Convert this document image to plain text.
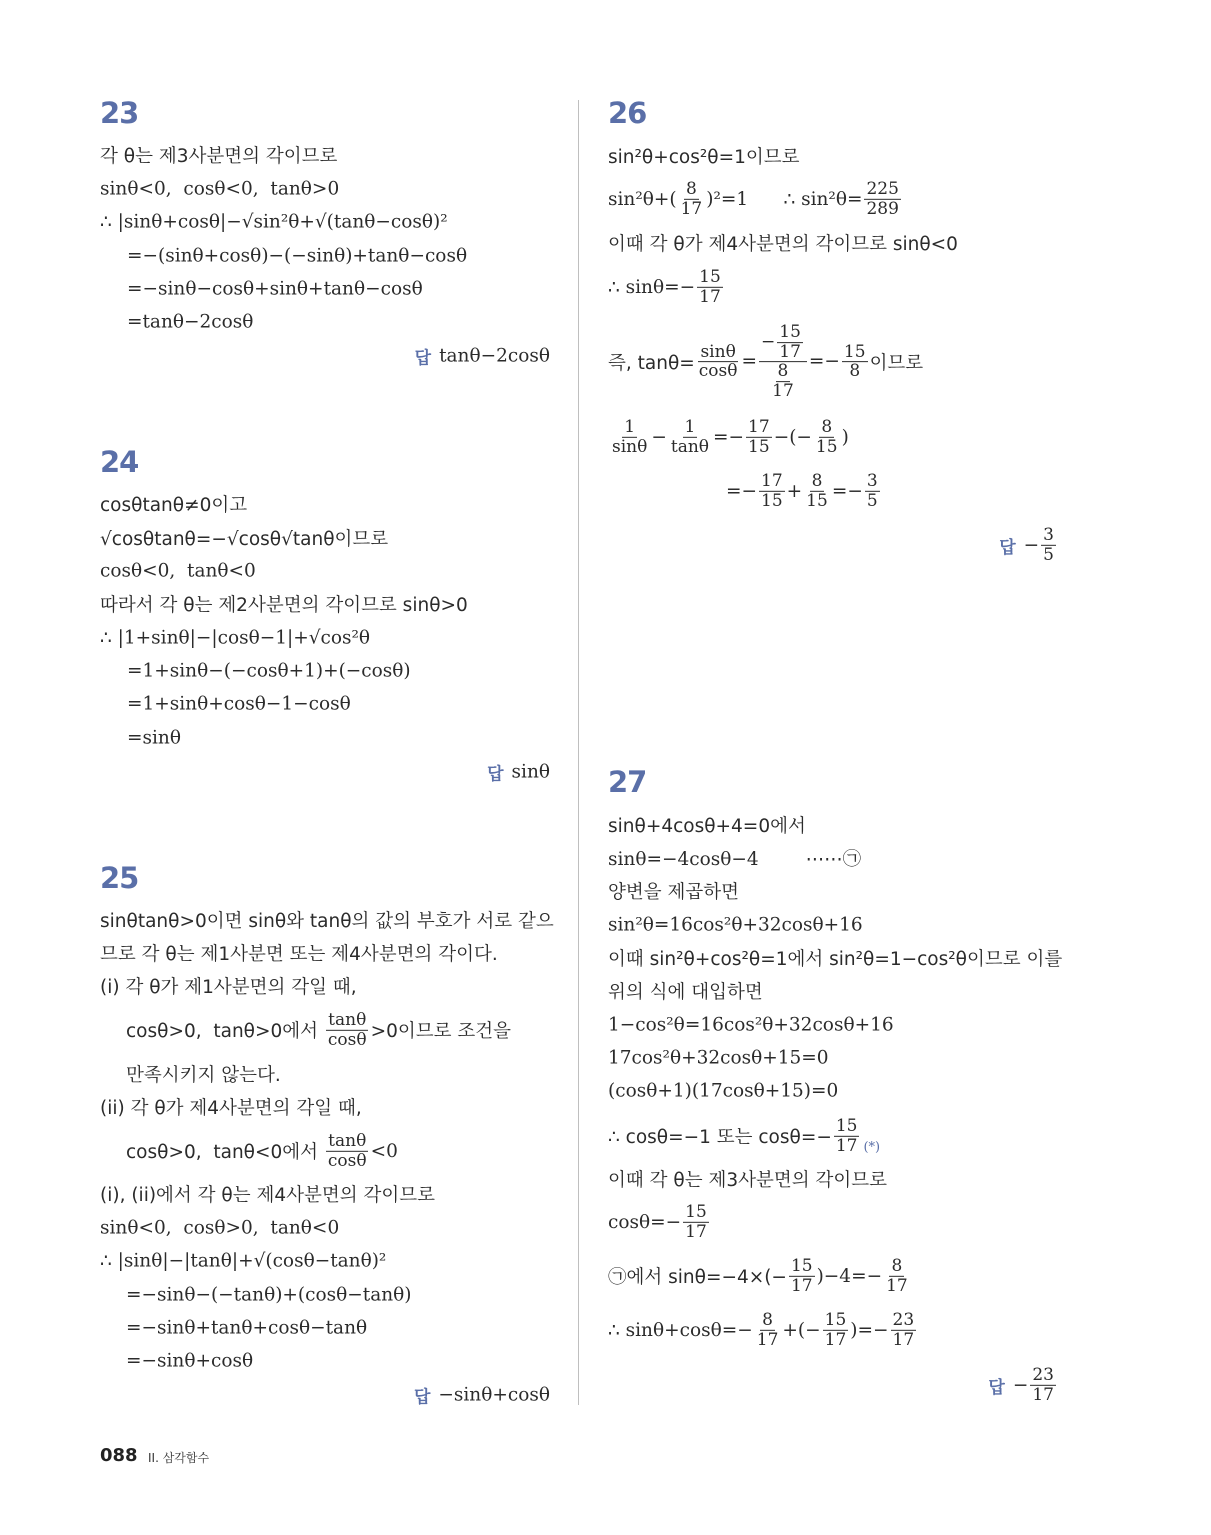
23
각 θ는 제3사분면의 각이므로
sinθ<0,  cosθ<0,  tanθ>0
∴ |sinθ+cosθ|−√sin²θ+√(tanθ−cosθ)²
=−(sinθ+cosθ)−(−sinθ)+tanθ−cosθ
=−sinθ−cosθ+sinθ+tanθ−cosθ
=tanθ−2cosθ
답 tanθ−2cosθ
24
cosθtanθ≠0이고
√cosθtanθ=−√cosθ√tanθ이므로
cosθ<0,  tanθ<0
따라서 각 θ는 제2사분면의 각이므로 sinθ>0
∴ |1+sinθ|−|cosθ−1|+√cos²θ
=1+sinθ−(−cosθ+1)+(−cosθ)
=1+sinθ+cosθ−1−cosθ
=sinθ
답 sinθ
25
sinθtanθ>0이면 sinθ와 tanθ의 값의 부호가 서로 같으
므로 각 θ는 제1사분면 또는 제4사분면의 각이다.
(i) 각 θ가 제1사분면의 각일 때,
cosθ>0,  tanθ>0에서 $\frac{\tan\theta}{\cos\theta} >0$이므로 조건을
만족시키지 않는다.
(ii) 각 θ가 제4사분면의 각일 때,
cosθ>0,  tanθ<0에서 $\frac{\tan\theta}{\cos\theta} <0$
(i), (ii)에서 각 θ는 제4사분면의 각이므로
sinθ<0,  cosθ>0,  tanθ<0
∴ |sinθ|−|tanθ|+√(cosθ−tanθ)²
=−sinθ−(−tanθ)+(cosθ−tanθ)
=−sinθ+tanθ+cosθ−tanθ
=−sinθ+cosθ
답 −sinθ+cosθ
26
sin²θ+cos²θ=1이므로
$\sin^2\theta+( \frac{8}{17} )^2=1$      ∴ $\sin^2\theta= \frac{225}{289}$
이때 각 θ가 제4사분면의 각이므로 sinθ<0
∴ $\sin\theta=- \frac{15}{17}$
즉, $\tan\theta= \frac{\sin\theta}{\cos\theta} = \frac{- \frac{15}{17}}{\frac{8}{17}} =- \frac{15}{8}$ 이므로
$\frac{1}{\sin\theta} - \frac{1}{\tan\theta} =- \frac{17}{15}$ −(− $\frac{8}{15}$ )
=− $\frac{17}{15} + \frac{8}{15} =- \frac{3}{5}$
답 − $\frac{3}{5}$
27
sinθ+4cosθ+4=0에서
sinθ=−4cosθ−4        ⋯⋯㉠
양변을 제곱하면
sin²θ=16cos²θ+32cosθ+16
이때 sin²θ+cos²θ=1에서 sin²θ=1−cos²θ이므로 이를
위의 식에 대입하면
1−cos²θ=16cos²θ+32cosθ+16
17cos²θ+32cosθ+15=0
(cosθ+1)(17cosθ+15)=0
∴ cosθ=−1 또는 $\cos\theta=- \frac{15}{17}$ (*)
이때 각 θ는 제3사분면의 각이므로
$\cos\theta=- \frac{15}{17}$
㉠에서 $\sin\theta=-4\times(- \frac{15}{17} )-4=- \frac{8}{17}$
∴ $\sin\theta+\cos\theta=- \frac{8}{17}$ +(− $\frac{15}{17}$ )=− $\frac{23}{17}$
답 − $\frac{23}{17}$
088 II. 삼각함수
